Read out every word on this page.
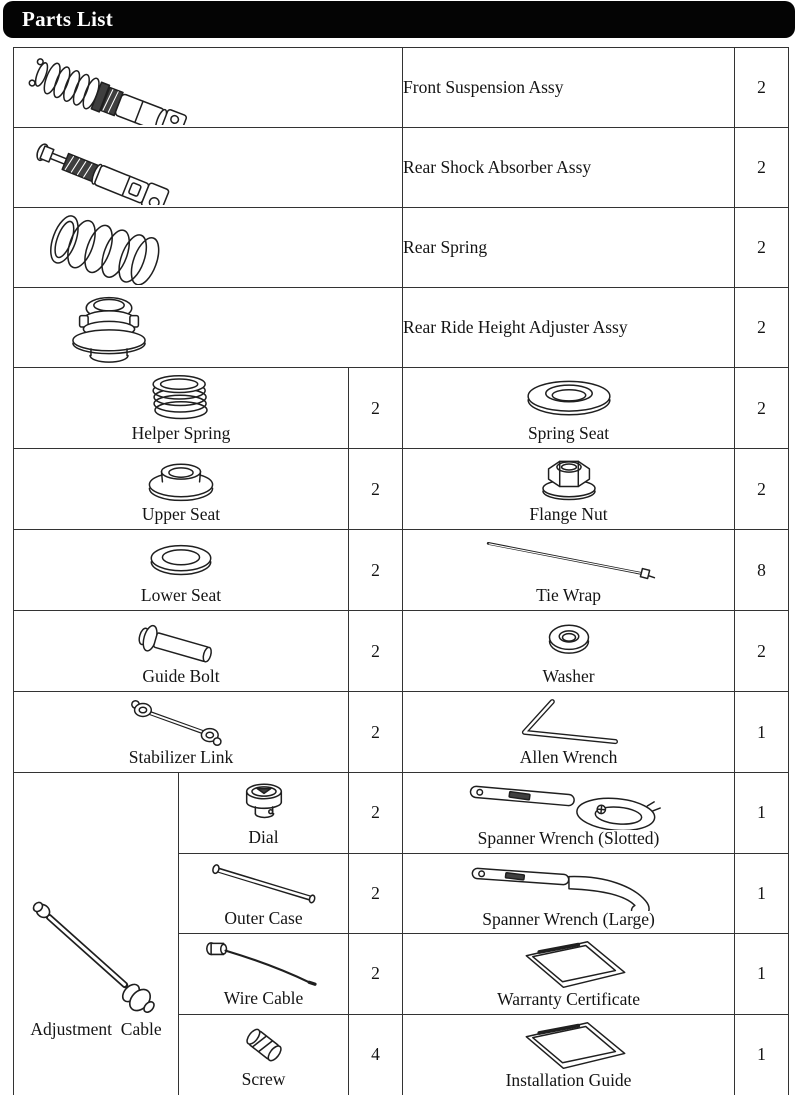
Parts List
	Front Suspension Assy	2

	Rear Shock Absorber Assy	2

	Rear Spring	2

	Rear Ride Height Adjuster Assy	2

Helper Spring		2	Spring Seat	2

Upper Seat		2	Flange Nut	2

Lower Seat		2	Tie Wrap	8

Guide Bolt		2	Washer	2

Stabilizer Link		2	Allen Wrench	1

Adjustment  Cable	Dial	2	Spanner Wrench (Slotted)	1

	Outer Case	2	Spanner Wrench (Large)	1

	Wire Cable	2	Warranty Certificate	1

	Screw	4	Installation Guide	1
